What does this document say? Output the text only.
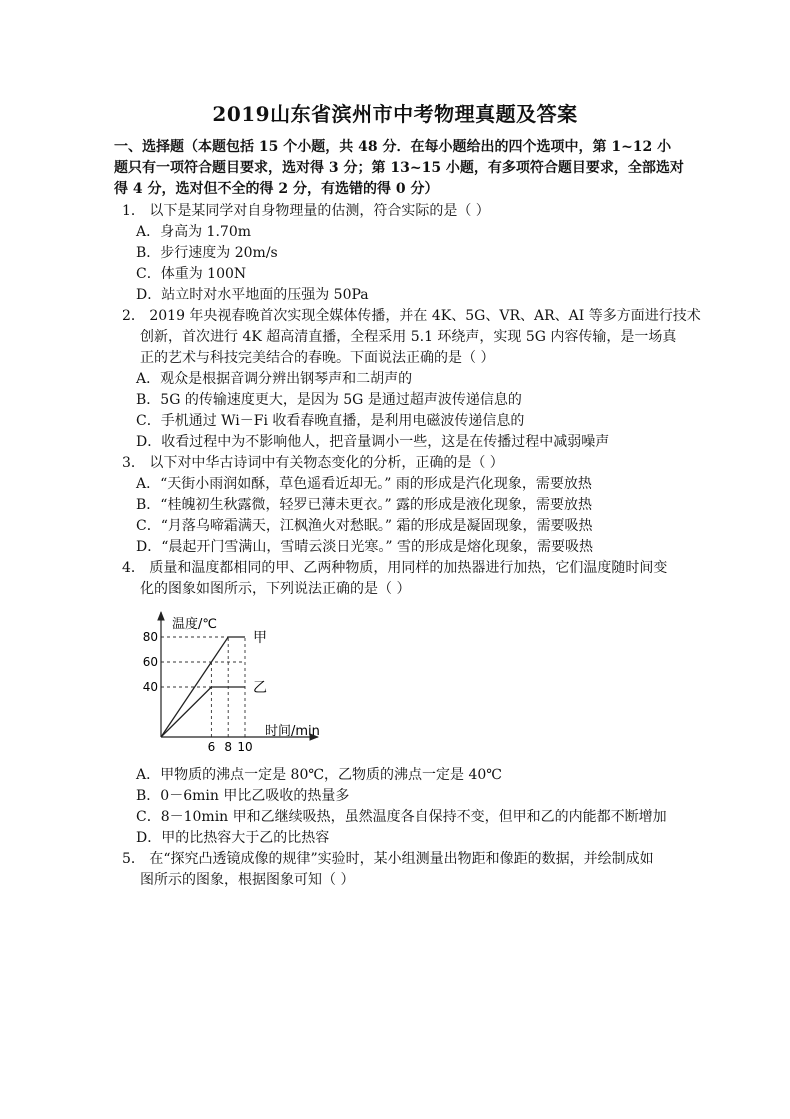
2019山东省滨州市中考物理真题及答案
一、选择题（本题包括 15 个小题，共 48 分．在每小题给出的四个选项中，第 1~12 小题只有一项符合题目要求，选对得 3 分；第 13~15 小题，有多项符合题目要求，全部选对得 4 分，选对但不全的得 2 分，有选错的得 0 分）
1． 以下是某同学对自身物理量的估测，符合实际的是（ ）
A．身高为 1.70m
B．步行速度为 20m/s
C．体重为 100N
D．站立时对水平地面的压强为 50Pa
2． 2019 年央视春晚首次实现全媒体传播，并在 4K、5G、VR、AR、AI 等多方面进行技术
创新，首次进行 4K 超高清直播，全程采用 5.1 环绕声，实现 5G 内容传输，是一场真
正的艺术与科技完美结合的春晚。下面说法正确的是（ ）
A．观众是根据音调分辨出钢琴声和二胡声的
B．5G 的传输速度更大，是因为 5G 是通过超声波传递信息的
C．手机通过 Wi－Fi 收看春晚直播，是利用电磁波传递信息的
D．收看过程中为不影响他人，把音量调小一些，这是在传播过程中减弱噪声
3． 以下对中华古诗词中有关物态变化的分析，正确的是（ ）
A．“天街小雨润如酥，草色遥看近却无。” 雨的形成是汽化现象，需要放热
B．“桂魄初生秋露微，轻罗已薄未更衣。” 露的形成是液化现象，需要放热
C．“月落乌啼霜满天，江枫渔火对愁眠。” 霜的形成是凝固现象，需要吸热
D．“晨起开门雪满山，雪晴云淡日光寒。” 雪的形成是熔化现象，需要吸热
4． 质量和温度都相同的甲、乙两种物质，用同样的加热器进行加热，它们温度随时间变
化的图象如图所示，下列说法正确的是（ ）
温度/℃
时间/min
甲
乙
80
60
40
6 8 10
A．甲物质的沸点一定是 80℃，乙物质的沸点一定是 40℃
B．0－6min 甲比乙吸收的热量多
C．8－10min 甲和乙继续吸热，虽然温度各自保持不变，但甲和乙的内能都不断增加
D．甲的比热容大于乙的比热容
5． 在“探究凸透镜成像的规律”实验时，某小组测量出物距和像距的数据，并绘制成如
图所示的图象，根据图象可知（ ）
